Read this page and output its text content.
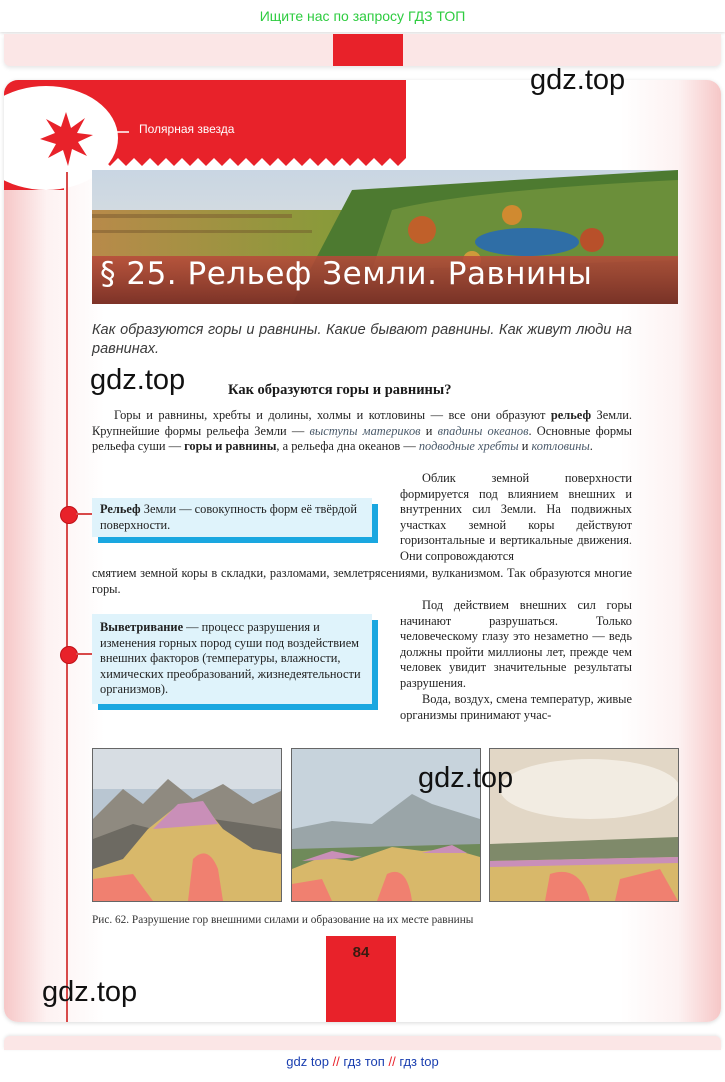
Ищите нас по запросу ГДЗ ТОП
Полярная звезда
§ 25. Рельеф Земли. Равнины
Как образуются горы и равнины. Какие бывают равнины. Как живут люди на равнинах.
Как образуются горы и равнины?
Горы и равнины, хребты и долины, холмы и котловины — все они образуют рельеф Земли. Крупнейшие формы рельефа Земли — выступы материков и впадины океанов. Основные формы рельефа суши — горы и равнины, а рельефа дна океанов — подводные хребты и котловины.
Рельеф Земли — совокупность форм её твёрдой поверхности.
Облик земной поверхности формируется под влиянием внешних и внутренних сил Земли. На подвижных участках земной коры действуют горизонтальные и вертикальные движения. Они сопровождаются
смятием земной коры в складки, разломами, землетрясениями, вулканизмом. Так образуются многие горы.
Выветривание — процесс разрушения и изменения горных пород суши под воздействием внешних факторов (температуры, влажности, химических преобразований, жизнедеятельности организмов).
Под действием внешних сил горы начинают разрушаться. Только человеческому глазу это незаметно — ведь должны пройти миллионы лет, прежде чем человек увидит значительные результаты разрушения.
Вода, воздух, смена температур, живые организмы принимают учас-
Рис. 62. Разрушение гор внешними силами и образование на их месте равнины
84
gdz.top
gdz.top
gdz.top
gdz.top
gdz top // гдз топ // гдз top
